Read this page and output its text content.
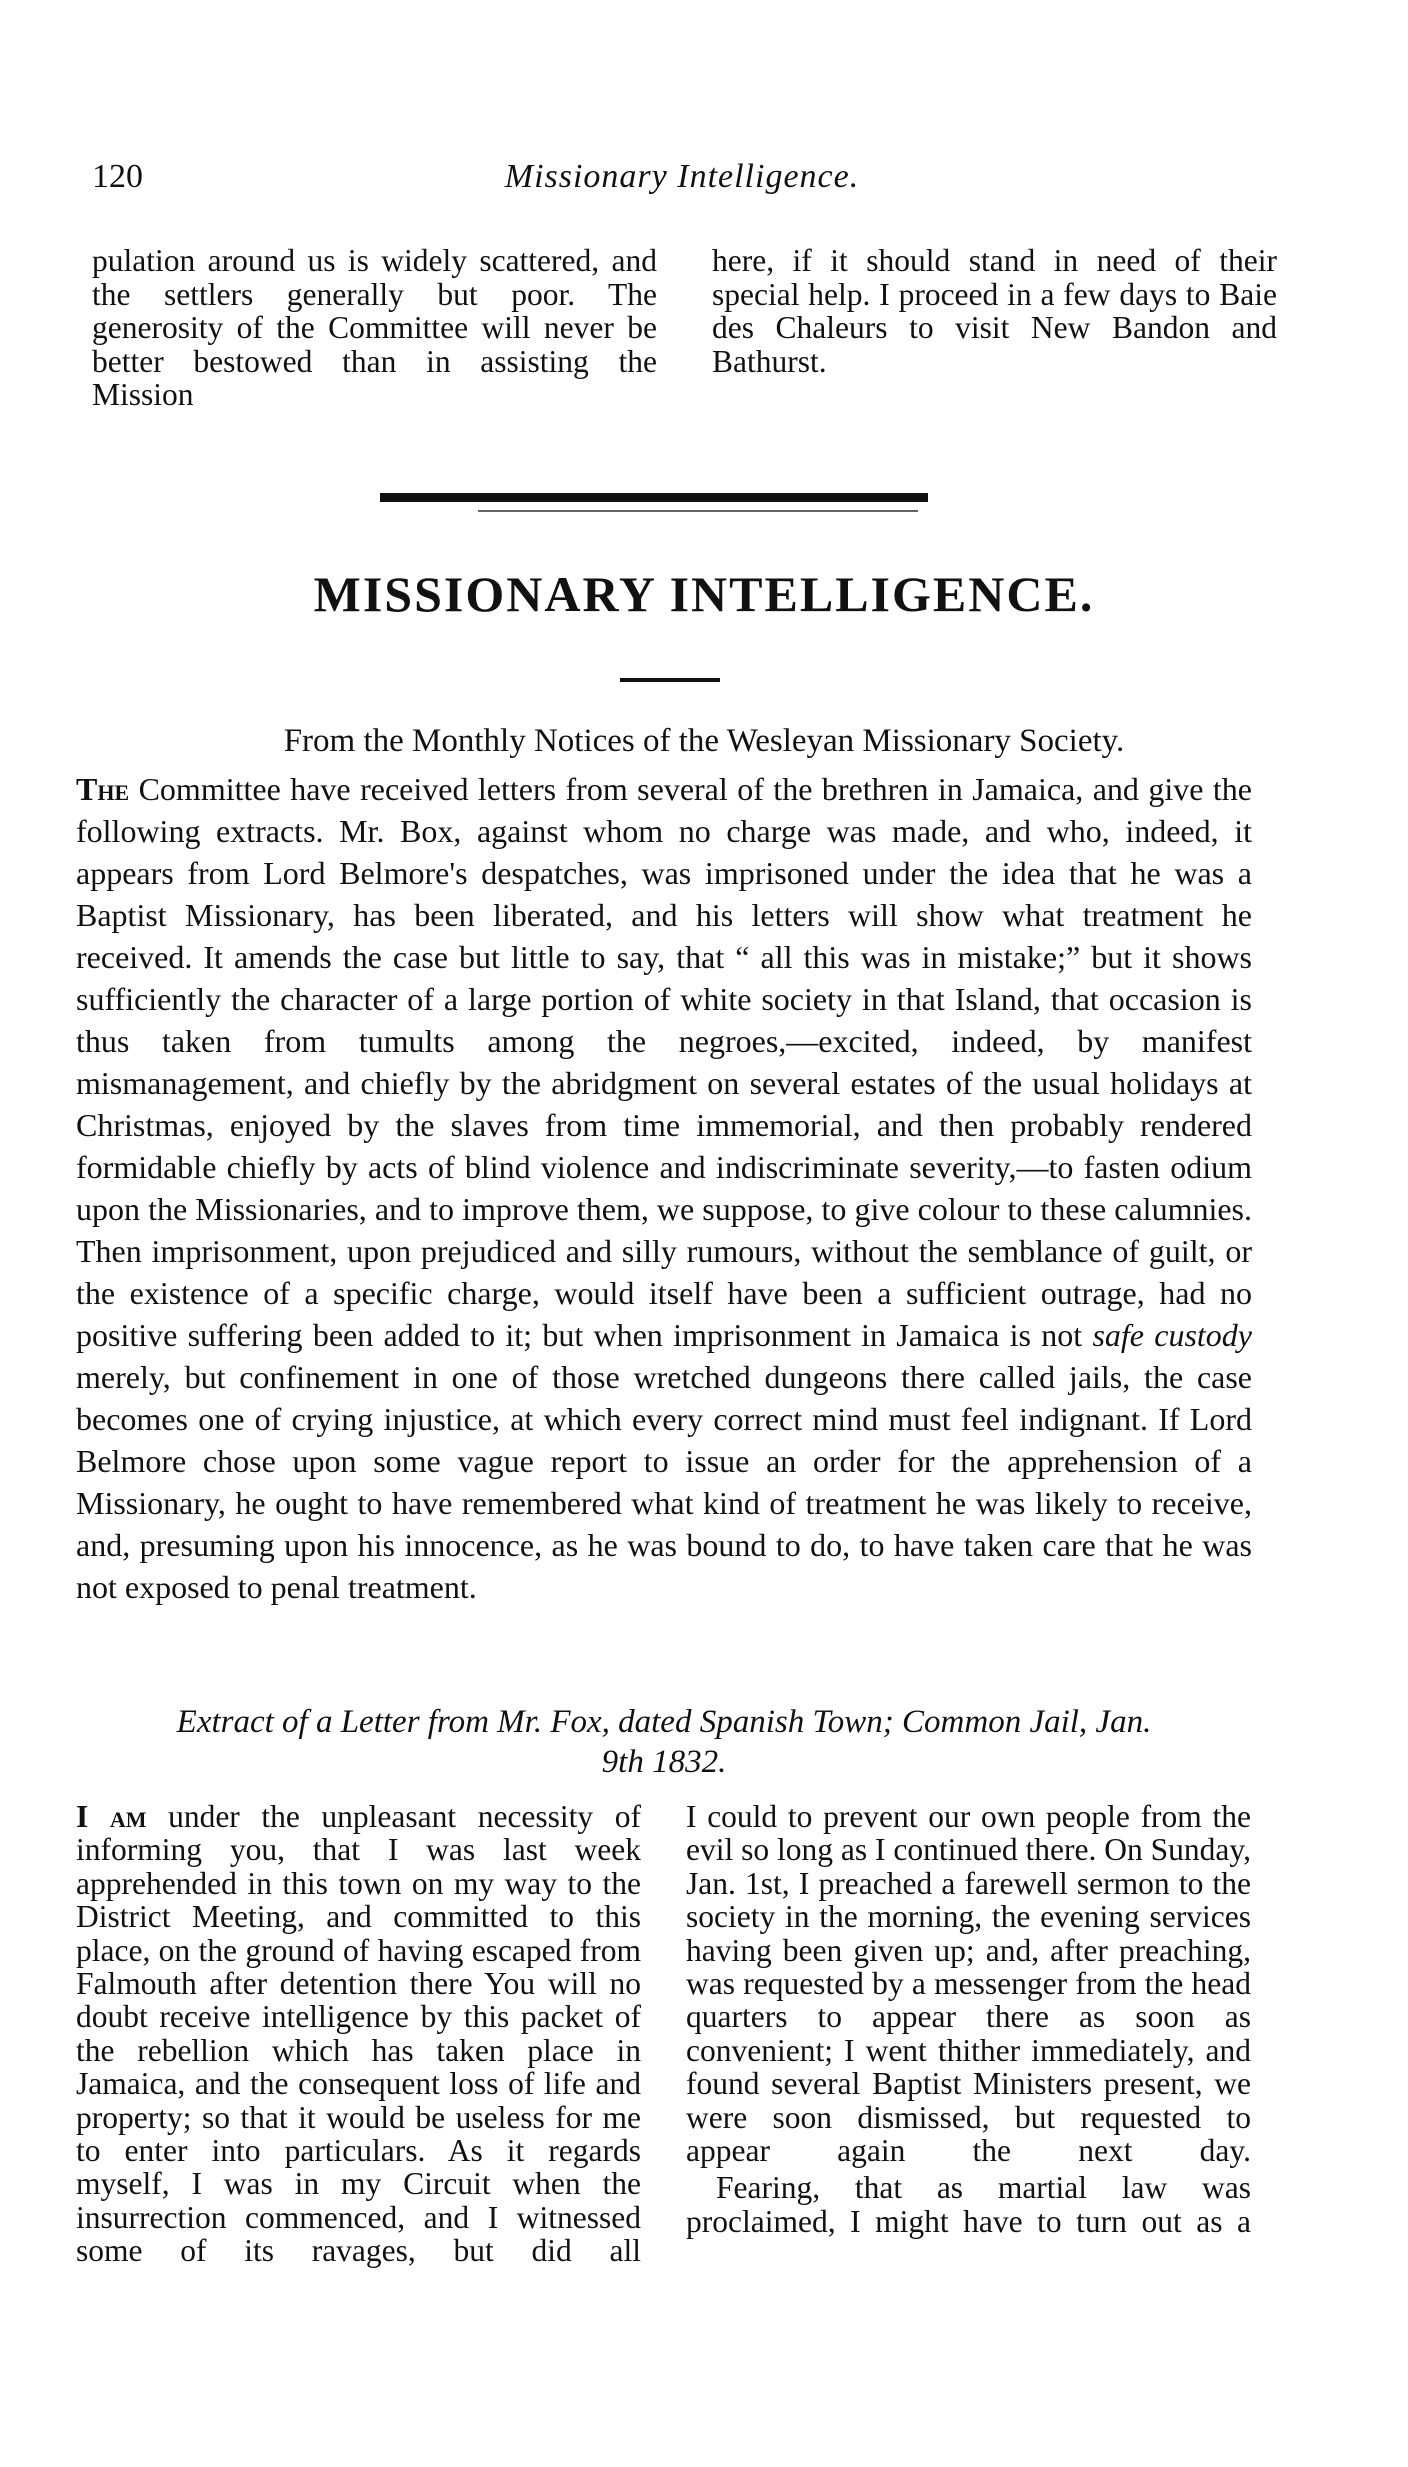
120	Missionary Intelligence.

pulation around us is widely scattered, and the settlers generally but poor. The generosity of the Committee will never be better bestowed than in assisting the Mission

here, if it should stand in need of their special help. I proceed in a few days to Baie des Chaleurs to visit New Bandon and Bathurst.

MISSIONARY INTELLIGENCE.
From the Monthly Notices of the Wesleyan Missionary Society.

The Committee have received letters from several of the brethren in Jamaica, and give the following extracts. Mr. Box, against whom no charge was made, and who, indeed, it appears from Lord Belmore's despatches, was imprisoned under the idea that he was a Baptist Missionary, has been liberated, and his letters will show what treatment he received. It amends the case but little to say, that “ all this was in mistake;” but it shows sufficiently the character of a large portion of white society in that Island, that occasion is thus taken from tumults among the negroes,—excited, indeed, by manifest mismanagement, and chiefly by the abridgment on several estates of the usual holidays at Christmas, enjoyed by the slaves from time immemorial, and then probably rendered formidable chiefly by acts of blind violence and indiscriminate severity,—to fasten odium upon the Missionaries, and to improve them, we suppose, to give colour to these calumnies. Then imprisonment, upon prejudiced and silly rumours, without the semblance of guilt, or the existence of a specific charge, would itself have been a sufficient outrage, had no positive suffering been added to it; but when imprisonment in Jamaica is not safe custody merely, but confinement in one of those wretched dungeons there called jails, the case becomes one of crying injustice, at which every correct mind must feel indignant. If Lord Belmore chose upon some vague report to issue an order for the apprehension of a Missionary, he ought to have remembered what kind of treatment he was likely to receive, and, presuming upon his innocence, as he was bound to do, to have taken care that he was not exposed to penal treatment.

Extract of a Letter from Mr. Fox, dated Spanish Town; Common Jail, Jan.
9th 1832.

I am under the unpleasant necessity of informing you, that I was last week apprehended in this town on my way to the District Meeting, and committed to this place, on the ground of having escaped from Falmouth after detention there You will no doubt receive intelligence by this packet of the rebellion which has taken place in Jamaica, and the consequent loss of life and property; so that it would be useless for me to enter into particulars. As it regards myself, I was in my Circuit when the insurrection commenced, and I witnessed some of its ravages, but did all

I could to prevent our own people from the evil so long as I continued there. On Sunday, Jan. 1st, I preached a farewell sermon to the society in the morning, the evening services having been given up; and, after preaching, was requested by a messenger from the head quarters to appear there as soon as convenient; I went thither immediately, and found several Baptist Ministers present, we were soon dismissed, but requested to appear again the next day.

Fearing, that as martial law was proclaimed, I might have to turn out as a
